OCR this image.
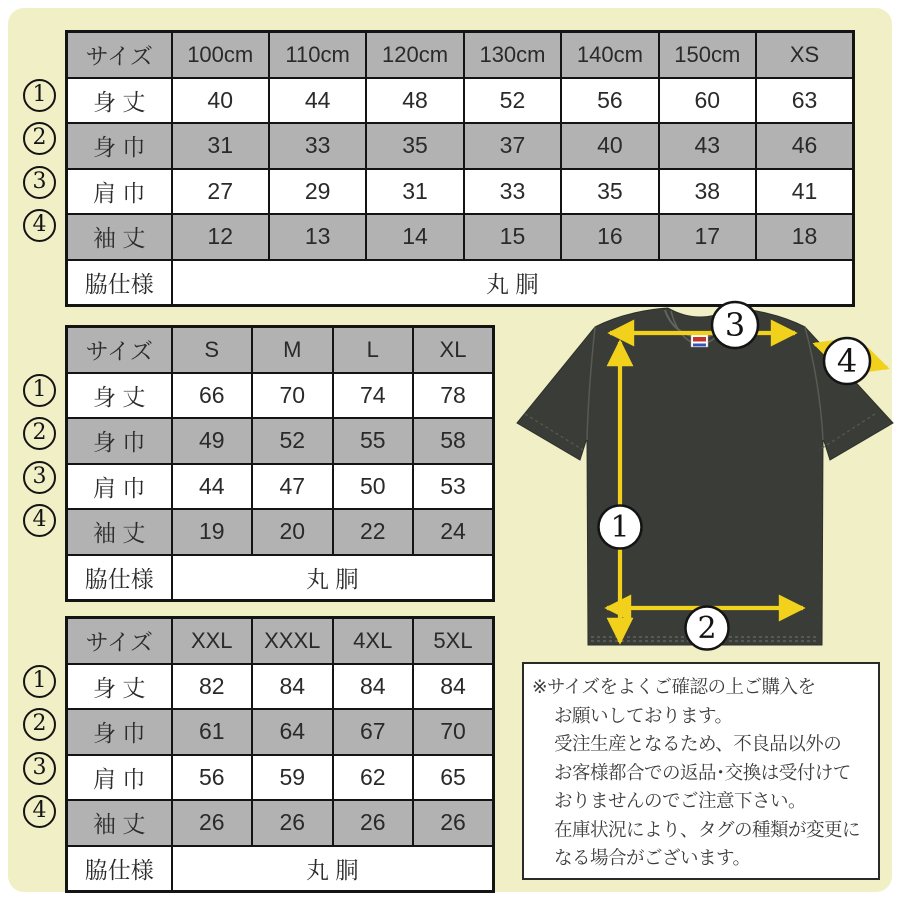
1
2
3
4
サイズ	100cm	110cm	120cm	130cm	140cm	150cm	XS
身 丈	40	44	48	52	56	60	63
身 巾	31	33	35	37	40	43	46
肩 巾	27	29	31	33	35	38	41
袖 丈	12	13	14	15	16	17	18
脇仕様	丸 胴						
1
2
3
4
サイズ	S	M	L	XL
身 丈	66	70	74	78
身 巾	49	52	55	58
肩 巾	44	47	50	53
袖 丈	19	20	22	24
脇仕様	丸 胴			
1
2
3
4
サイズ	XXL	XXXL	4XL	5XL
身 丈	82	84	84	84
身 巾	61	64	67	70
肩 巾	56	59	62	65
袖 丈	26	26	26	26
脇仕様	丸 胴			
1
2
3
4
※サイズをよくご確認の上ご購入を
お願いしております。
受注生産となるため、不良品以外の
お客様都合での返品･交換は受付けて
おりませんのでご注意下さい。
在庫状況により、タグの種類が変更に
なる場合がございます。
